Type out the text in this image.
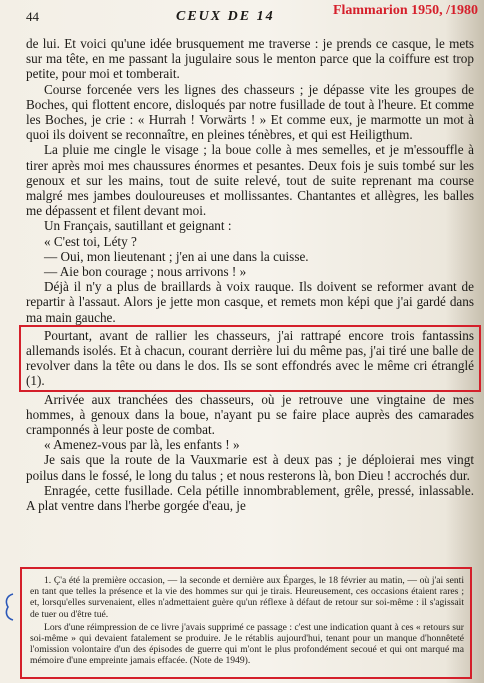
44	CEUX DE 14	Flammarion 1950, /1980

de lui. Et voici qu'une idée brusquement me traverse : je prends ce casque, le mets sur ma tête, en me passant la jugulaire sous le menton parce que la coiffure est trop petite, pour moi et tomberait.

Course forcenée vers les lignes des chasseurs ; je dépasse vite les groupes de Boches, qui flottent encore, disloqués par notre fusillade de tout à l'heure. Et comme les Boches, je crie : « Hurrah ! Vorwärts ! » Et comme eux, je marmotte un mot à quoi ils doivent se reconnaître, en pleines ténèbres, et qui est Heiligthum.

La pluie me cingle le visage ; la boue colle à mes semelles, et je m'essouffle à tirer après moi mes chaussures énormes et pesantes. Deux fois je suis tombé sur les genoux et sur les mains, tout de suite relevé, tout de suite reprenant ma course malgré mes jambes douloureuses et mollissantes. Chantantes et allègres, les balles me dépassent et filent devant moi.

Un Français, sautillant et geignant :

« C'est toi, Léty ?

— Oui, mon lieutenant ; j'en ai une dans la cuisse.

— Aie bon courage ; nous arrivons ! »

Déjà il n'y a plus de braillards à voix rauque. Ils doivent se reformer avant de repartir à l'assaut. Alors je jette mon casque, et remets mon képi que j'ai gardé dans ma main gauche.

Pourtant, avant de rallier les chasseurs, j'ai rattrapé encore trois fantassins allemands isolés. Et à chacun, courant derrière lui du même pas, j'ai tiré une balle de revolver dans la tête ou dans le dos. Ils se sont effondrés avec le même cri étranglé (1).

Arrivée aux tranchées des chasseurs, où je retrouve une vingtaine de mes hommes, à genoux dans la boue, n'ayant pu se faire place auprès des camarades cramponnés à leur poste de combat.

« Amenez-vous par là, les enfants ! »

Je sais que la route de la Vauxmarie est à deux pas ; je déploierai mes vingt poilus dans le fossé, le long du talus ; et nous resterons là, bon Dieu ! accrochés dur.

Enragée, cette fusillade. Cela pétille innombrablement, grêle, pressé, inlassable. A plat ventre dans l'herbe gorgée d'eau, je

1. Ç'a été la première occasion, — la seconde et dernière aux Éparges, le 18 février au matin, — où j'ai senti en tant que telles la présence et la vie des hommes sur qui je tirais. Heureusement, ces occasions étaient rares ; et, lorsqu'elles survenaient, elles n'admettaient guère qu'un réflexe à défaut de retour sur soi-même : il s'agissait de tuer ou d'être tué.

Lors d'une réimpression de ce livre j'avais supprimé ce passage : c'est une indication quant à ces « retours sur soi-même » qui devaient fatalement se produire. Je le rétablis aujourd'hui, tenant pour un manque d'honnêteté l'omission volontaire d'un des épisodes de guerre qui m'ont le plus profondément secoué et qui ont marqué ma mémoire d'une empreinte jamais effacée. (Note de 1949).
